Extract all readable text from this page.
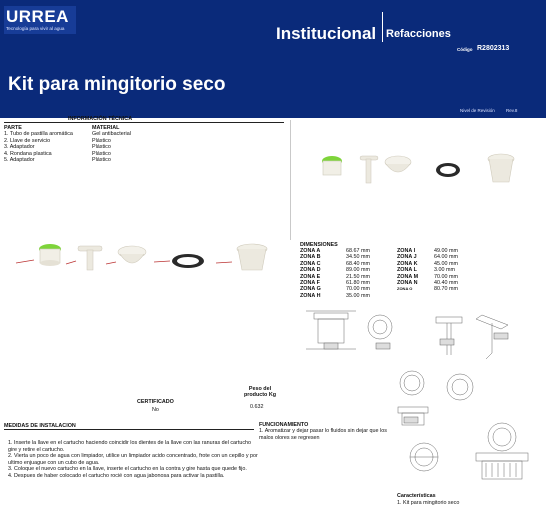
URREA
Tecnología para vivir al agua	Institucional Refacciones
Código R2802313
Kit para mingitorio seco
Nivel de Revisión Rev.8
INFORMACIÓN TÉCNICA
PARTE
1. Tubo de pastilla aromática
2. Llave de servicio
3. Adaptador
4. Rondana plastica
5. Adaptador
MATERIAL
Gel antibacterial
Plástico
Plástico
Plástico
Plástico
DIMENSIONES
ZONA A
ZONA B
ZONA C
ZONA D
ZONA E
ZONA F
ZONA G
ZONA H
68.67 mm
34.50 mm
68.40 mm
89.00 mm
21.50 mm
61.80 mm
70.00 mm
35.00 mm
ZONA I
ZONA J
ZONA K
ZONA L
ZONA M
ZONA N
ZONA O
49.00 mm
64.00 mm
45.00 mm
3.00 mm
70.00 mm
40.40 mm
80.70 mm
Peso del producto Kg
0.632
CERTIFICADO
No
MEDIDAS DE INSTALACION
1. Inserte la llave en el cartucho haciendo coincidir los dientes de la llave con las ranuras del cartucho gire y retire el cartucho.
2. Vierta un poco de agua con limpiador, utilice un limpiador acido concentrado, frote con un cepillo y por ultimo enjuague con un cubo de agua.
3. Coloque el nuevo cartucho en la llave, inserte el cartucho en la contra y gire hasta que quede fijo.
4. Despues de haber colocado el cartucho rocié con agua jabonosa para activar la pastilla.
FUNCIONAMIENTO
1. Aromatizar y dejar pasar lo fluidos sin dejar que los malos olores se regresen
Características
1. Kit para mingitorio seco
